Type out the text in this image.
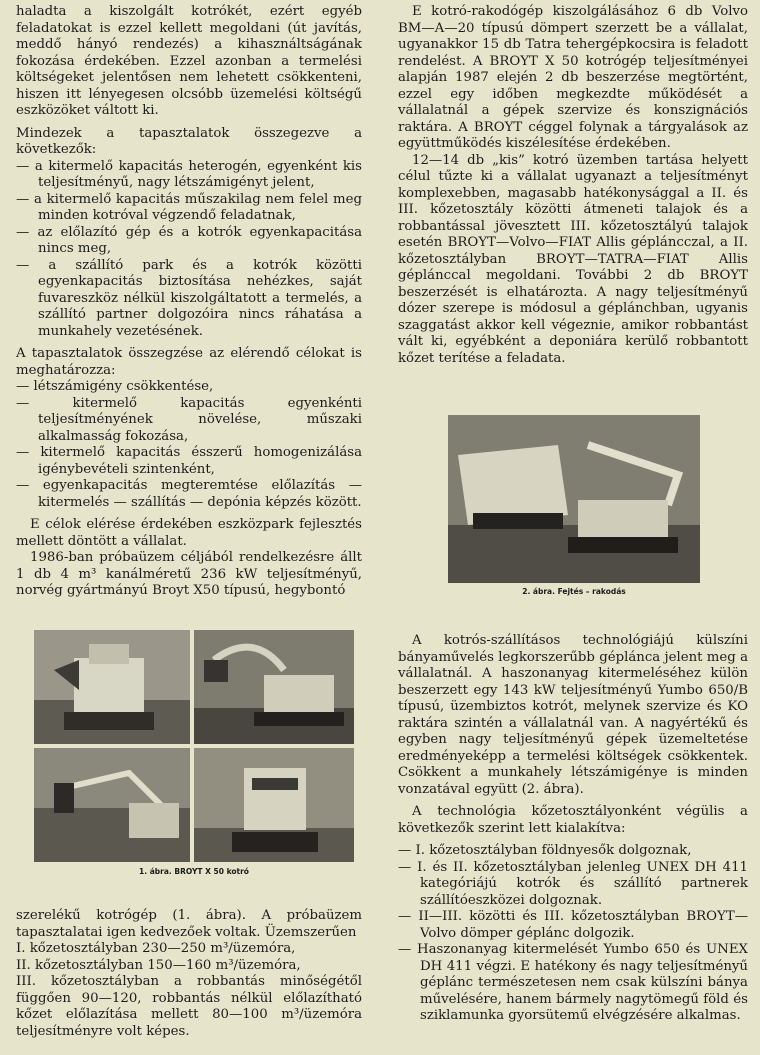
haladta a kiszolgált kotrókét, ezért egyéb feladatokat is ezzel kellett megoldani (út javítás, meddő hányó rendezés) a kihasználtságának fokozása érdekében. Ezzel azonban a termelési költségeket jelentősen nem lehetett csökkenteni, hiszen itt lényegesen olcsóbb üzemelési költségű eszközöket váltott ki.

Mindezek a tapasztalatok összegezve a következők:

— a kitermelő kapacitás heterogén, egyenként kis teljesítményű, nagy létszámigényt jelent,

— a kitermelő kapacitás műszakilag nem felel meg minden kotróval végzendő feladatnak,

— az előlazító gép és a kotrók egyenkapacitása nincs meg,

— a szállító park és a kotrók közötti egyenkapacitás biztosítása nehézkes, saját fuvareszköz nélkül kiszolgáltatott a termelés, a szállító partner dolgozóira nincs ráhatása a munkahely vezetésének.

A tapasztalatok összegzése az elérendő célokat is meghatározza:

— létszámigény csökkentése,

— kitermelő kapacitás egyenkénti teljesítményének növelése, műszaki alkalmasság fokozása,

— kitermelő kapacitás ésszerű homogenizálása igénybevételi szintenként,

— egyenkapacitás megteremtése előlazítás — kitermelés — szállítás — depónia képzés között.

E célok elérése érdekében eszközpark fejlesztés mellett döntött a vállalat.

1986-ban próbaüzem céljából rendelkezésre állt 1 db 4 m³ kanálméretű 236 kW teljesítményű, norvég gyártmányú Broyt X50 típusú, hegybontó

1. ábra. BROYT X 50 kotró

szerelékű kotrógép (1. ábra). A próbaüzem tapasztalatai igen kedvezőek voltak. Üzemszerűen

I. kőzetosztályban 230—250 m³/üzemóra,

II. kőzetosztályban 150—160 m³/üzemóra,

III. kőzetosztályban a robbantás minőségétől függően 90—120, robbantás nélkül előlazítható kőzet előlazítása mellett 80—100 m³/üzemóra teljesítményre volt képes.

E kotró-rakodógép kiszolgálásához 6 db Volvo BM—A—20 típusú dömpert szerzett be a vállalat, ugyanakkor 15 db Tatra tehergépkocsira is feladott rendelést. A BROYT X 50 kotrógép teljesítményei alapján 1987 elején 2 db beszerzése megtörtént, ezzel egy időben megkezdte működését a vállalatnál a gépek szervize és konszignációs raktára. A BROYT céggel folynak a tárgyalások az együttműködés kiszélesítése érdekében.

12—14 db „kis” kotró üzemben tartása helyett célul tűzte ki a vállalat ugyanazt a teljesítményt komplexebben, magasabb hatékonysággal a II. és III. kőzetosztály közötti átmeneti talajok és a robbantással jövesztett III. kőzetosztályú talajok esetén BROYT—Volvo—FIAT Allis gépláncczal, a II. kőzetosztályban BROYT—TATRA—FIAT Allis géplánccal megoldani. További 2 db BROYT beszerzését is elhatározta. A nagy teljesítményű dózer szerepe is módosul a géplánchban, ugyanis szaggatást akkor kell végeznie, amikor robbantást vált ki, egyébként a deponiára kerülő robbantott kőzet terítése a feladata.

2. ábra. Fejtés – rakodás

A kotrós-szállításos technológiájú külszíni bányaművelés legkorszerűbb géplánca jelent meg a vállalatnál. A haszonanyag kitermeléséhez külön beszerzett egy 143 kW teljesítményű Yumbo 650/B típusú, üzembiztos kotrót, melynek szervize és KO raktára szintén a vállalatnál van. A nagyértékű és egyben nagy teljesítményű gépek üzemeltetése eredményeképp a termelési költségek csökkentek. Csökkent a munkahely létszámigénye is minden vonzatával együtt (2. ábra).

A technológia kőzetosztályonként végülis a következők szerint lett kialakítva:

— I. kőzetosztályban földnyesők dolgoznak,

— I. és II. kőzetosztályban jelenleg UNEX DH 411 kategóriájú kotrók és szállító partnerek szállítóeszközei dolgoznak.

— II—III. közötti és III. kőzetosztályban BROYT—Volvo dömper géplánc dolgozik.

— Haszonanyag kitermelését Yumbo 650 és UNEX DH 411 végzi. E hatékony és nagy teljesítményű géplánc természetesen nem csak külszíni bánya művelésére, hanem bármely nagytömegű föld és sziklamunka gyorsütemű elvégzésére alkalmas.
